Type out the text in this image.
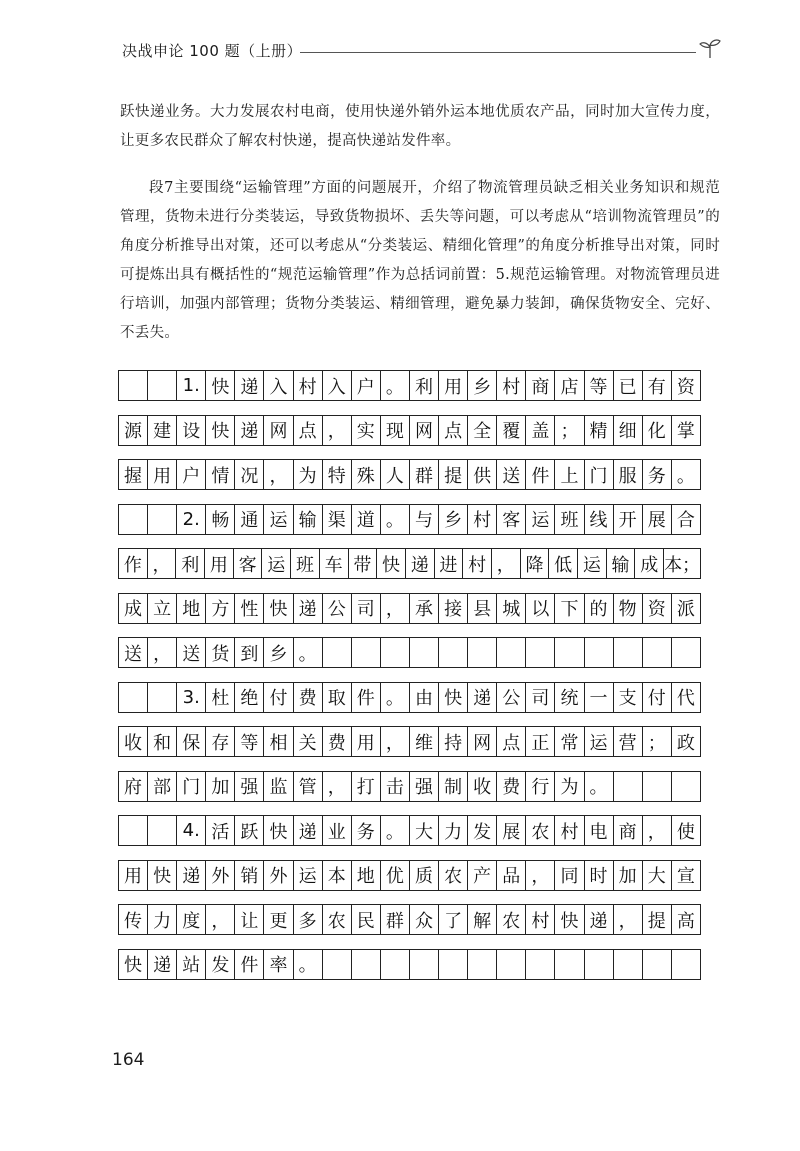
决战申论 100 题（上册）

跃快递业务。大力发展农村电商，使用快递外销外运本地优质农产品，同时加大宣传力度，让更多农民群众了解农村快递，提高快递站发件率。

段7主要围绕“运输管理”方面的问题展开，介绍了物流管理员缺乏相关业务知识和规范管理，货物未进行分类装运，导致货物损坏、丢失等问题，可以考虑从“培训物流管理员”的角度分析推导出对策，还可以考虑从“分类装运、精细化管理”的角度分析推导出对策，同时可提炼出具有概括性的“规范运输管理”作为总括词前置：5.规范运输管理。对物流管理员进行培训，加强内部管理；货物分类装运、精细管理，避免暴力装卸，确保货物安全、完好、不丢失。

1. 快 递 入 村 入 户 。 利 用 乡 村 商 店 等 已 有 资
源 建 设 快 递 网 点 ， 实 现 网 点 全 覆 盖 ； 精 细 化 掌
握 用 户 情 况 ， 为 特 殊 人 群 提 供 送 件 上 门 服 务 。
2. 畅 通 运 输 渠 道 。 与 乡 村 客 运 班 线 开 展 合
作 ， 利 用 客 运 班 车 带 快 递 进 村 ， 降 低 运 输 成 本；
成 立 地 方 性 快 递 公 司 ， 承 接 县 城 以 下 的 物 资 派
送 ， 送 货 到 乡 。
3. 杜 绝 付 费 取 件 。 由 快 递 公 司 统 一 支 付 代
收 和 保 存 等 相 关 费 用 ， 维 持 网 点 正 常 运 营 ； 政
府 部 门 加 强 监 管 ， 打 击 强 制 收 费 行 为 。
4. 活 跃 快 递 业 务 。 大 力 发 展 农 村 电 商 ， 使
用 快 递 外 销 外 运 本 地 优 质 农 产 品 ， 同 时 加 大 宣
传 力 度 ， 让 更 多 农 民 群 众 了 解 农 村 快 递 ， 提 高
快 递 站 发 件 率 。
164
